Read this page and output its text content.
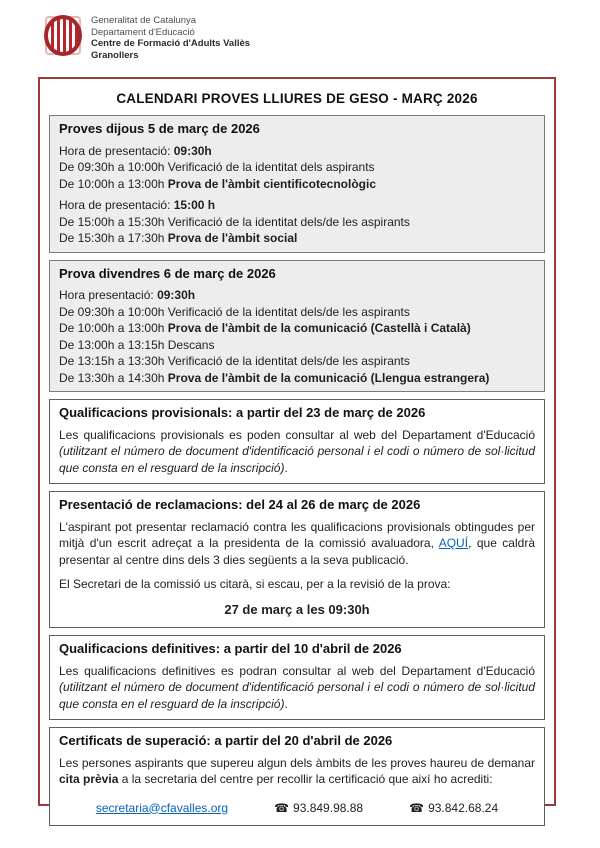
Generalitat de Catalunya
Departament d'Educació
Centre de Formació d'Adults Vallès
Granollers
CALENDARI PROVES LLIURES DE GESO - MARÇ 2026
Proves dijous 5 de març de 2026
Hora de presentació: 09:30h
De 09:30h a 10:00h Verificació de la identitat dels aspirants
De 10:00h a 13:00h Prova de l'àmbit cientificotecnològic
Hora de presentació: 15:00 h
De 15:00h a 15:30h Verificació de la identitat dels/de les aspirants
De 15:30h a 17:30h Prova de l'àmbit social
Prova divendres 6 de març de 2026
Hora presentació: 09:30h
De 09:30h a 10:00h Verificació de la identitat dels/de les aspirants
De 10:00h a 13:00h Prova de l'àmbit de la comunicació (Castellà i Català)
De 13:00h a 13:15h Descans
De 13:15h a 13:30h Verificació de la identitat dels/de les aspirants
De 13:30h a 14:30h Prova de l'àmbit de la comunicació (Llengua estrangera)
Qualificacions provisionals: a partir del 23 de març de 2026

Les qualificacions provisionals es poden consultar al web del Departament d'Educació (utilitzant el número de document d'identificació personal i el codi o número de sol·licitud que consta en el resguard de la inscripció).

Presentació de reclamacions: del 24 al 26 de març de 2026

L'aspirant pot presentar reclamació contra les qualificacions provisionals obtingudes per mitjà d'un escrit adreçat a la presidenta de la comissió avaluadora, AQUÍ, que caldrà presentar al centre dins dels 3 dies següents a la seva publicació.

El Secretari de la comissió us citarà, si escau, per a la revisió de la prova:

27 de març a les 09:30h
Qualificacions definitives: a partir del 10 d'abril de 2026

Les qualificacions definitives es podran consultar al web del Departament d'Educació (utilitzant el número de document d'identificació personal i el codi o número de sol·licitud que consta en el resguard de la inscripció).

Certificats de superació: a partir del 20 d'abril de 2026

Les persones aspirants que supereu algun dels àmbits de les proves haureu de demanar cita prèvia a la secretaria del centre per recollir la certificació que així ho acrediti:

secretaria@cfavalles.org	☎ 93.849.98.88	☎ 93.842.68.24
